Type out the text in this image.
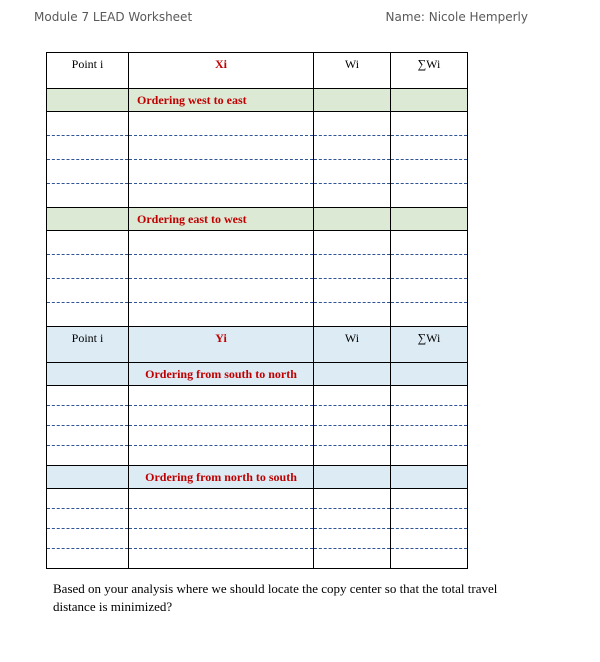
Module 7 LEAD Worksheet	Name: Nicole Hemperly
Point i	Xi	Wi	∑Wi
	Ordering west to east		

	Ordering east to west		

Point i	Yi	Wi	∑Wi
	Ordering from south to north		

	Ordering from north to south		

Based on your analysis where we should locate the copy center so that the total travel distance is minimized?
